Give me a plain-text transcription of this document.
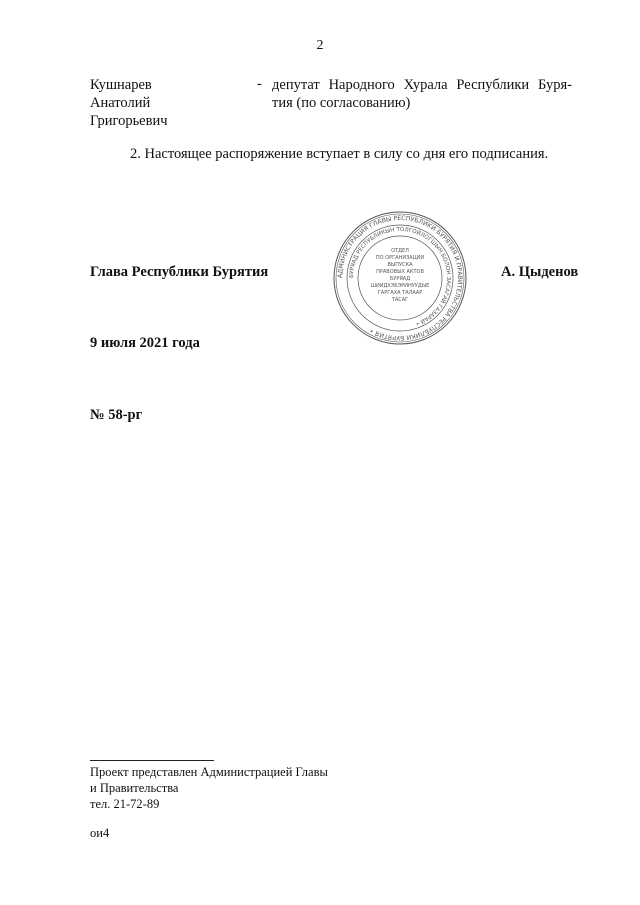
2
Кушнарев
Анатолий
Григорьевич
- депутат Народного Хурала Республики Буря-
тия (по согласованию)
2. Настоящее распоряжение вступает в силу со дня его подписания.
Глава Республики Бурятия	АДМИНИСТРАЦИЯ ГЛАВЫ РЕСПУБЛИКИ БУРЯТИЯ И ПРАВИТЕЛЬСТВА РЕСПУБЛИКИ БУРЯТИЯ •
БУРЯАД РЕСПУБЛИКЫН ТОЛГОЙЛОГШЫН БОЛОН ЗАСАГАЙ ГАЗАРАЙ •
ОТДЕЛ
ПО ОРГАНИЗАЦИИ
ВЫПУСКА
ПРАВОВЫХ АКТОВ
БУРЯАД
ШИИДХЭБЭРИНУУДЫЕ
ГАРГАХА ТАЛААР
ТАСАГ
А. Цыденов
9 июля 2021 года
№ 58-рг
Проект представлен Администрацией Главы
и Правительства
тел. 21-72-89
ои4
